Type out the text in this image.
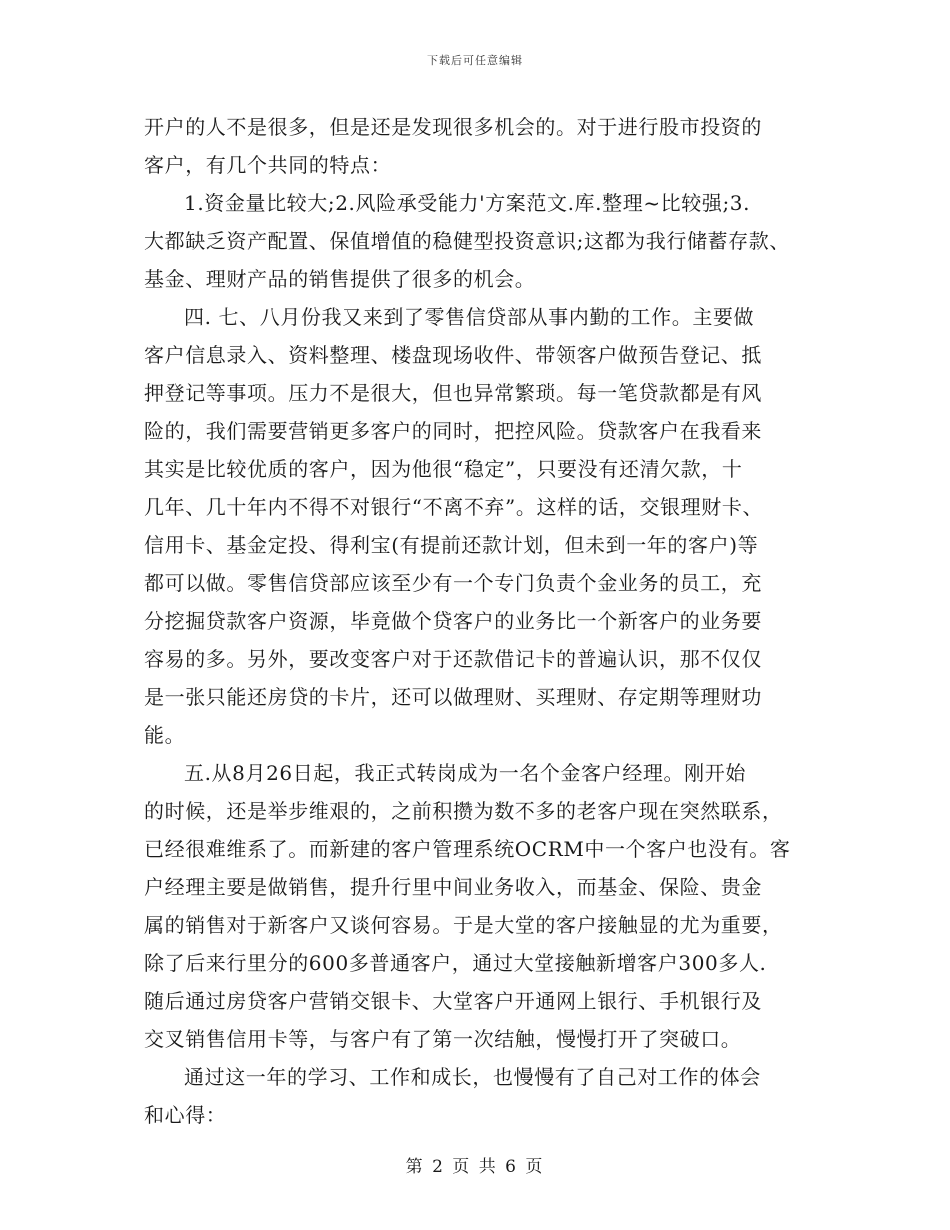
下载后可任意编辑
开户的人不是很多，但是还是发现很多机会的。对于进行股市投资的
客户，有几个共同的特点：
1.资金量比较大;2.风险承受能力'方案范文.库.整理~比较强;3.
大都缺乏资产配置、保值增值的稳健型投资意识;这都为我行储蓄存款、
基金、理财产品的销售提供了很多的机会。
四. 七、八月份我又来到了零售信贷部从事内勤的工作。主要做
客户信息录入、资料整理、楼盘现场收件、带领客户做预告登记、抵
押登记等事项。压力不是很大，但也异常繁琐。每一笔贷款都是有风
险的，我们需要营销更多客户的同时，把控风险。贷款客户在我看来
其实是比较优质的客户，因为他很“稳定”，只要没有还清欠款，十
几年、几十年内不得不对银行“不离不弃”。这样的话，交银理财卡、
信用卡、基金定投、得利宝(有提前还款计划，但未到一年的客户)等
都可以做。零售信贷部应该至少有一个专门负责个金业务的员工，充
分挖掘贷款客户资源，毕竟做个贷客户的业务比一个新客户的业务要
容易的多。另外，要改变客户对于还款借记卡的普遍认识，那不仅仅
是一张只能还房贷的卡片，还可以做理财、买理财、存定期等理财功
能。
五.从8月26日起，我正式转岗成为一名个金客户经理。刚开始
的时候，还是举步维艰的，之前积攒为数不多的老客户现在突然联系，
已经很难维系了。而新建的客户管理系统OCRM中一个客户也没有。客
户经理主要是做销售，提升行里中间业务收入，而基金、保险、贵金
属的销售对于新客户又谈何容易。于是大堂的客户接触显的尤为重要，
除了后来行里分的600多普通客户，通过大堂接触新增客户300多人.
随后通过房贷客户营销交银卡、大堂客户开通网上银行、手机银行及
交叉销售信用卡等，与客户有了第一次结触，慢慢打开了突破口。
通过这一年的学习、工作和成长，也慢慢有了自己对工作的体会
和心得：
第 2 页 共 6 页
